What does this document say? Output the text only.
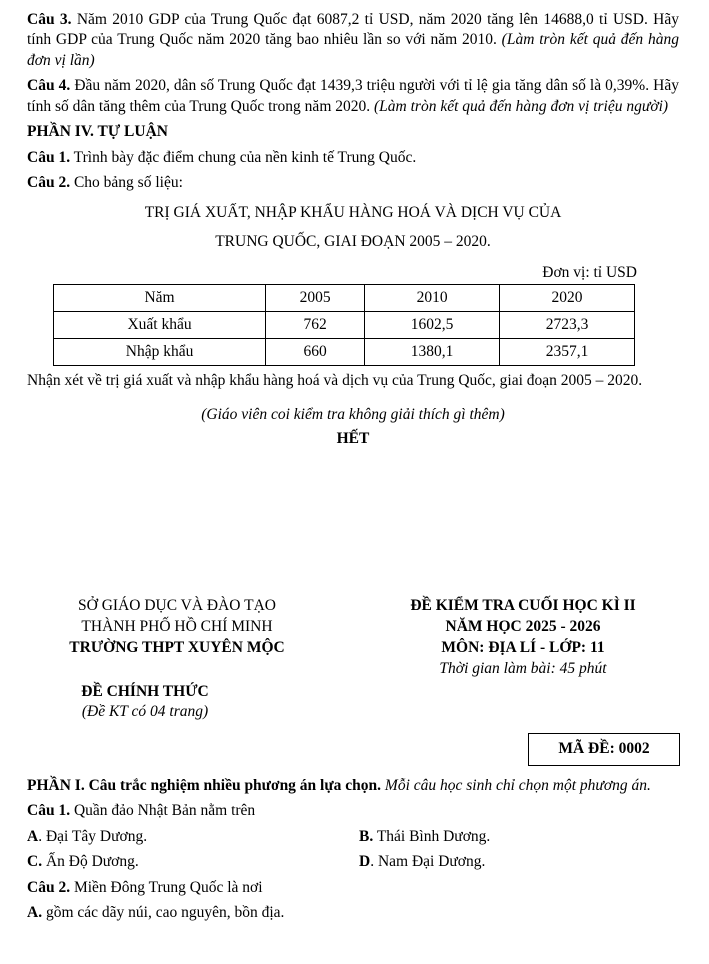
Câu 3. Năm 2010 GDP của Trung Quốc đạt 6087,2 tỉ USD, năm 2020 tăng lên 14688,0 tỉ USD. Hãy tính GDP của Trung Quốc năm 2020 tăng bao nhiêu lần so với năm 2010. (Làm tròn kết quả đến hàng đơn vị lần)

Câu 4. Đầu năm 2020, dân số Trung Quốc đạt 1439,3 triệu người với tỉ lệ gia tăng dân số là 0,39%. Hãy tính số dân tăng thêm của Trung Quốc trong năm 2020. (Làm tròn kết quả đến hàng đơn vị triệu người)

PHẦN IV. TỰ LUẬN

Câu 1. Trình bày đặc điểm chung của nền kinh tế Trung Quốc.

Câu 2. Cho bảng số liệu:

TRỊ GIÁ XUẤT, NHẬP KHẨU HÀNG HOÁ VÀ DỊCH VỤ CỦA

TRUNG QUỐC, GIAI ĐOẠN 2005 – 2020.

Đơn vị: tỉ USD

Năm	2005	2010	2020
Xuất khẩu	762	1602,5	2723,3
Nhập khẩu	660	1380,1	2357,1

Nhận xét về trị giá xuất và nhập khẩu hàng hoá và dịch vụ của Trung Quốc, giai đoạn 2005 – 2020.

(Giáo viên coi kiểm tra không giải thích gì thêm)

HẾT

SỞ GIÁO DỤC VÀ ĐÀO TẠO
THÀNH PHỐ HỒ CHÍ MINH
TRƯỜNG THPT XUYÊN MỘC
ĐỀ CHÍNH THỨC
(Đề KT có 04 trang)
ĐỀ KIỂM TRA CUỐI HỌC KÌ II
NĂM HỌC 2025 - 2026
MÔN: ĐỊA LÍ - LỚP: 11
Thời gian làm bài: 45 phút
MÃ ĐỀ: 0002

PHẦN I. Câu trắc nghiệm nhiều phương án lựa chọn. Mỗi câu học sinh chỉ chọn một phương án.

Câu 1. Quần đảo Nhật Bản nằm trên

A. Đại Tây Dương.	B. Thái Bình Dương.
C. Ấn Độ Dương.	D. Nam Đại Dương.

Câu 2. Miền Đông Trung Quốc là nơi

A. gồm các dãy núi, cao nguyên, bồn địa.
